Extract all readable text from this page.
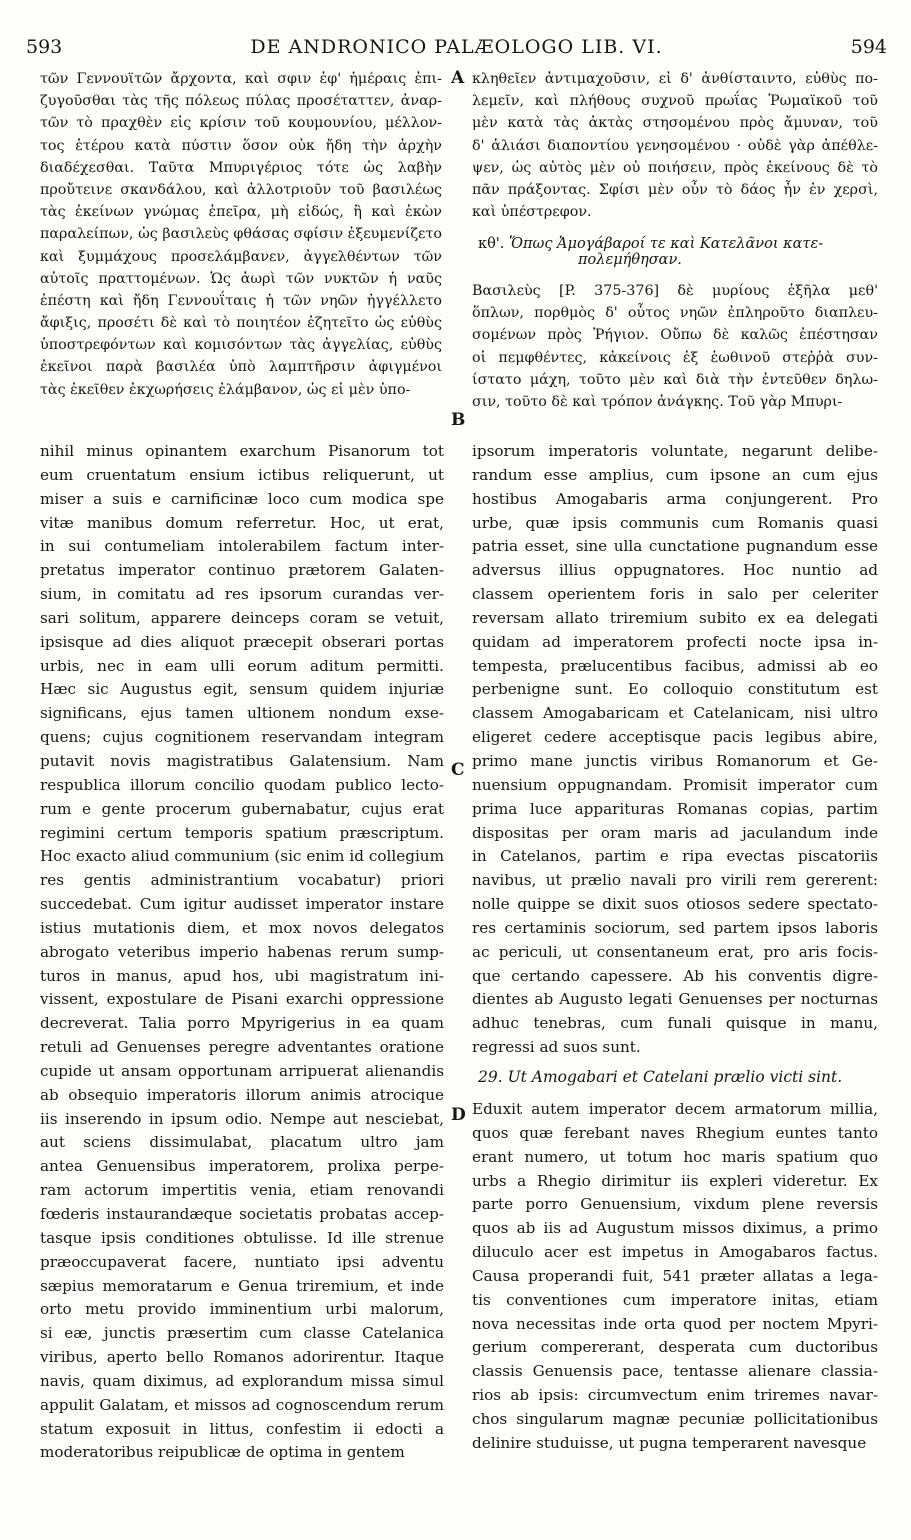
593	DE ANDRONICO PALÆOLOGO LIB. VI.	594
τῶν Γεννουϊτῶν ἄρχοντα, καὶ σφιν ἐφ' ἡμέραις ἐπι-
ζυγοῦσθαι τὰς τῆς πόλεως πύλας προσέταττεν, ἀναρ-
τῶν τὸ πραχθὲν εἰς κρίσιν τοῦ κουμουνίου, μέλλον-
τος ἑτέρου κατὰ πύστιν ὅσον οὐκ ἤδη τὴν ἀρχὴν
διαδέχεσθαι. Ταῦτα Μπυριγέριος τότε ὡς λαβὴν
προὔτεινε σκανδάλου, καὶ ἀλλοτριοῦν τοῦ βασιλέως
τὰς ἐκείνων γνώμας ἐπεῖρα, μὴ εἰδώς, ἢ καὶ ἑκὼν
παραλείπων, ὡς βασιλεὺς φθάσας σφίσιν ἐξευμενίζετο
καὶ ξυμμάχους προσελάμβανεν, ἀγγελθέντων τῶν
αὐτοῖς πραττομένων. Ὡς ἀωρὶ τῶν νυκτῶν ἡ ναῦς
ἐπέστη καὶ ἤδη Γεννουΐταις ἡ τῶν νηῶν ἠγγέλλετο
ἄφιξις, προσέτι δὲ καὶ τὸ ποιητέον ἐζητεῖτο ὡς εὐθὺς
ὑποστρεφόντων καὶ κομισόντων τὰς ἀγγελίας, εὐθὺς
ἐκεῖνοι παρὰ βασιλέα ὑπὸ λαμπτῆρσιν ἀφιγμένοι
τὰς ἐκεῖθεν ἐκχωρήσεις ἐλάμβανον, ὡς εἰ μὲν ὑπο-
κληθεῖεν ἀντιμαχοῦσιν, εἰ δ' ἀνθίσταιντο, εὐθὺς πο-
λεμεῖν, καὶ πλήθους συχνοῦ πρωΐας Ῥωμαϊκοῦ τοῦ
μὲν κατὰ τὰς ἀκτὰς στησομένου πρὸς ἄμυναν, τοῦ
δ' ἁλιάσι διαποντίου γενησομένου · οὐδὲ γὰρ ἀπέθλε-
ψεν, ὡς αὐτὸς μὲν οὐ ποιήσειν, πρὸς ἐκείνους δὲ τὸ
πᾶν πράξοντας. Σφίσι μὲν οὖν τὸ δάος ἦν ἐν χερσὶ,
καὶ ὑπέστρεφον.
A
B
C
D
κθ'. Ὅπως Ἀμογάβαροί τε καὶ Κατελᾶνοι κατε-
πολεμήθησαν.
Βασιλεὺς [P. 375-376] δὲ μυρίους ἐξῆλα μεθ'
ὅπλων, πορθμὸς δ' οὗτος νηῶν ἐπληροῦτο διαπλευ-
σομένων πρὸς Ῥήγιον. Οὔπω δὲ καλῶς ἐπέστησαν
οἱ πεμφθέντες, κἀκείνοις ἐξ ἑωθινοῦ στεῤῥὰ συν-
ίστατο μάχη, τοῦτο μὲν καὶ διὰ τὴν ἐντεῦθεν δηλω-
σιν, τοῦτο δὲ καὶ τρόπον ἀνάγκης. Τοῦ γὰρ Μπυρι-
nihil minus opinantem exarchum Pisanorum tot
eum cruentatum ensium ictibus reliquerunt, ut
miser a suis e carnificinæ loco cum modica spe
vitæ manibus domum referretur. Hoc, ut erat,
in sui contumeliam intolerabilem factum inter-
pretatus imperator continuo prætorem Galaten-
sium, in comitatu ad res ipsorum curandas ver-
sari solitum, apparere deinceps coram se vetuit,
ipsisque ad dies aliquot præcepit obserari portas
urbis, nec in eam ulli eorum aditum permitti.
Hæc sic Augustus egit, sensum quidem injuriæ
significans, ejus tamen ultionem nondum exse-
quens; cujus cognitionem reservandam integram
putavit novis magistratibus Galatensium. Nam
respublica illorum concilio quodam publico lecto-
rum e gente procerum gubernabatur, cujus erat
regimini certum temporis spatium præscriptum.
Hoc exacto aliud communium (sic enim id collegium
res gentis administrantium vocabatur) priori
succedebat. Cum igitur audisset imperator instare
istius mutationis diem, et mox novos delegatos
abrogato veteribus imperio habenas rerum sump-
turos in manus, apud hos, ubi magistratum ini-
vissent, expostulare de Pisani exarchi oppressione
decreverat. Talia porro Mpyrigerius in ea quam
retuli ad Genuenses peregre adventantes oratione
cupide ut ansam opportunam arripuerat alienandis
ab obsequio imperatoris illorum animis atrocique
iis inserendo in ipsum odio. Nempe aut nesciebat,
aut sciens dissimulabat, placatum ultro jam
antea Genuensibus imperatorem, prolixa perpe-
ram actorum impertitis venia, etiam renovandi
fœderis instaurandæque societatis probatas accep-
tasque ipsis conditiones obtulisse. Id ille strenue
præoccupaverat facere, nuntiato ipsi adventu
sæpius memoratarum e Genua triremium, et inde
orto metu provido imminentium urbi malorum,
si eæ, junctis præsertim cum classe Catelanica
viribus, aperto bello Romanos adorirentur. Itaque
navis, quam diximus, ad explorandum missa simul
appulit Galatam, et missos ad cognoscendum rerum
statum exposuit in littus, confestim ii edocti a
moderatoribus reipublicæ de optima in gentem
ipsorum imperatoris voluntate, negarunt delibe-
randum esse amplius, cum ipsone an cum ejus
hostibus Amogabaris arma conjungerent. Pro
urbe, quæ ipsis communis cum Romanis quasi
patria esset, sine ulla cunctatione pugnandum esse
adversus illius oppugnatores. Hoc nuntio ad
classem operientem foris in salo per celeriter
reversam allato triremium subito ex ea delegati
quidam ad imperatorem profecti nocte ipsa in-
tempesta, prælucentibus facibus, admissi ab eo
perbenigne sunt. Eo colloquio constitutum est
classem Amogabaricam et Catelanicam, nisi ultro
eligeret cedere acceptisque pacis legibus abire,
primo mane junctis viribus Romanorum et Ge-
nuensium oppugnandam. Promisit imperator cum
prima luce apparituras Romanas copias, partim
dispositas per oram maris ad jaculandum inde
in Catelanos, partim e ripa evectas piscatoriis
navibus, ut prælio navali pro virili rem gererent:
nolle quippe se dixit suos otiosos sedere spectato-
res certaminis sociorum, sed partem ipsos laboris
ac periculi, ut consentaneum erat, pro aris focis-
que certando capessere. Ab his conventis digre-
dientes ab Augusto legati Genuenses per nocturnas
adhuc tenebras, cum funali quisque in manu,
regressi ad suos sunt.
29. Ut Amogabari et Catelani prælio victi sint.
Eduxit autem imperator decem armatorum millia,
quos quæ ferebant naves Rhegium euntes tanto
erant numero, ut totum hoc maris spatium quo
urbs a Rhegio dirimitur iis expleri videretur. Ex
parte porro Genuensium, vixdum plene reversis
quos ab iis ad Augustum missos diximus, a primo
diluculo acer est impetus in Amogabaros factus.
Causa properandi fuit, 541 præter allatas a lega-
tis conventiones cum imperatore initas, etiam
nova necessitas inde orta quod per noctem Mpyri-
gerium compererant, desperata cum ductoribus
classis Genuensis pace, tentasse alienare classia-
rios ab ipsis: circumvectum enim triremes navar-
chos singularum magnæ pecuniæ pollicitationibus
delinire studuisse, ut pugna temperarent navesque
